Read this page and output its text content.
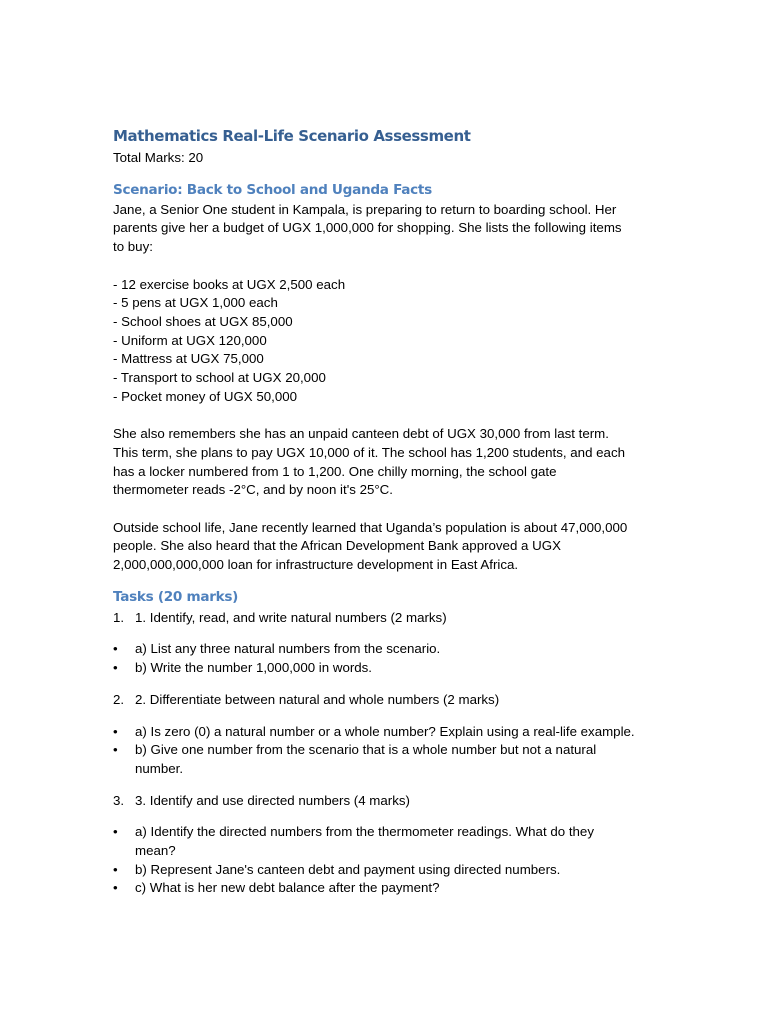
Mathematics Real-Life Scenario Assessment

Total Marks: 20

Scenario: Back to School and Uganda Facts

Jane, a Senior One student in Kampala, is preparing to return to boarding school. Her
parents give her a budget of UGX 1,000,000 for shopping. She lists the following items
to buy:

- 12 exercise books at UGX 2,500 each
- 5 pens at UGX 1,000 each
- School shoes at UGX 85,000
- Uniform at UGX 120,000
- Mattress at UGX 75,000
- Transport to school at UGX 20,000
- Pocket money of UGX 50,000

She also remembers she has an unpaid canteen debt of UGX 30,000 from last term.
This term, she plans to pay UGX 10,000 of it. The school has 1,200 students, and each
has a locker numbered from 1 to 1,200. One chilly morning, the school gate
thermometer reads -2°C, and by noon it's 25°C.

Outside school life, Jane recently learned that Uganda’s population is about 47,000,000
people. She also heard that the African Development Bank approved a UGX
2,000,000,000,000 loan for infrastructure development in East Africa.

Tasks (20 marks)
1. 1. Identify, read, and write natural numbers (2 marks)
• a) List any three natural numbers from the scenario.
• b) Write the number 1,000,000 in words.
2. 2. Differentiate between natural and whole numbers (2 marks)
• a) Is zero (0) a natural number or a whole number? Explain using a real-life example.
• b) Give one number from the scenario that is a whole number but not a natural
number.
3. 3. Identify and use directed numbers (4 marks)
• a) Identify the directed numbers from the thermometer readings. What do they
mean?
• b) Represent Jane's canteen debt and payment using directed numbers.
• c) What is her new debt balance after the payment?
